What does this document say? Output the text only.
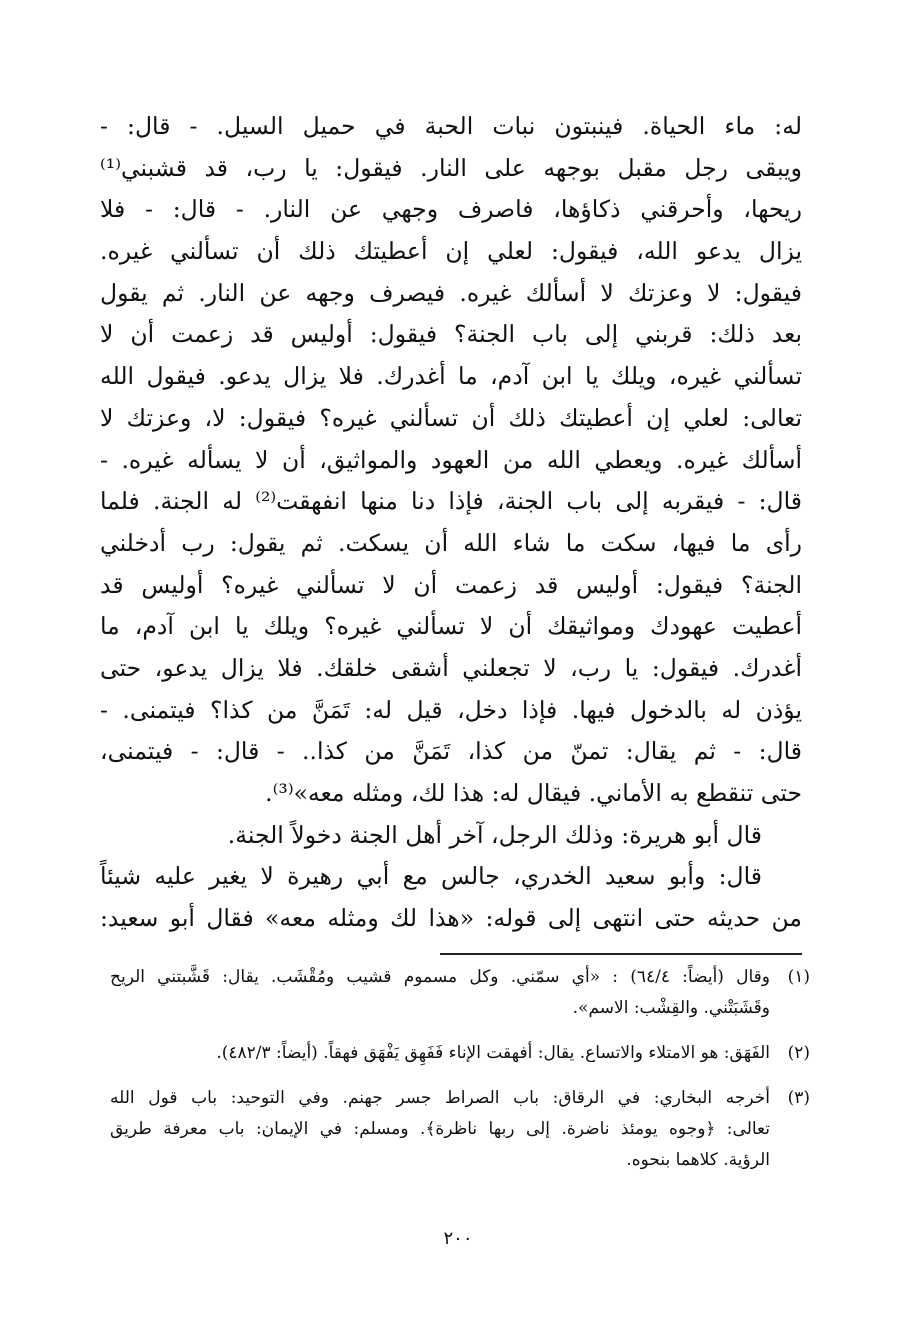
له: ماء الحياة. فينبتون نبات الحبة في حميل السيل. - قال: -
ويبقى رجل مقبل بوجهه على النار. فيقول: يا رب، قد قشبني⁽¹⁾
ريحها، وأحرقني ذكاؤها، فاصرف وجهي عن النار. - قال: - فلا
يزال يدعو الله، فيقول: لعلي إن أعطيتك ذلك أن تسألني غيره.
فيقول: لا وعزتك لا أسألك غيره. فيصرف وجهه عن النار. ثم يقول
بعد ذلك: قربني إلى باب الجنة؟ فيقول: أوليس قد زعمت أن لا
تسألني غيره، ويلك يا ابن آدم، ما أغدرك. فلا يزال يدعو. فيقول الله
تعالى: لعلي إن أعطيتك ذلك أن تسألني غيره؟ فيقول: لا، وعزتك لا
أسألك غيره. ويعطي الله من العهود والمواثيق، أن لا يسأله غيره. -
قال: - فيقربه إلى باب الجنة، فإذا دنا منها انفهقت⁽²⁾ له الجنة. فلما
رأى ما فيها، سكت ما شاء الله أن يسكت. ثم يقول: رب أدخلني
الجنة؟ فيقول: أوليس قد زعمت أن لا تسألني غيره؟ أوليس قد
أعطيت عهودك ومواثيقك أن لا تسألني غيره؟ ويلك يا ابن آدم، ما
أغدرك. فيقول: يا رب، لا تجعلني أشقى خلقك. فلا يزال يدعو، حتى
يؤذن له بالدخول فيها. فإذا دخل، قيل له: تَمَنَّ من كذا؟ فيتمنى. -
قال: - ثم يقال: تمنّ من كذا، تَمَنَّ من كذا.. - قال: - فيتمنى،
حتى تنقطع به الأماني. فيقال له: هذا لك، ومثله معه»⁽³⁾.
قال أبو هريرة: وذلك الرجل، آخر أهل الجنة دخولاً الجنة.
قال: وأبو سعيد الخدري، جالس مع أبي رهيرة لا يغير عليه شيئاً
من حديثه حتى انتهى إلى قوله: «هذا لك ومثله معه» فقال أبو سعيد:
(١)
وقال (أيضاً: ٦٤/٤) : «أي سمّني. وكل مسموم قشيب ومُقْشَب. يقال: قَشَّبتني الريح
وقَشَبَتْني. والقِشْب: الاسم».
(٢)
الفَهَق: هو الامتلاء والاتساع. يقال: أفهقت الإناء فَفَهِق يَفْهَق فهقاً. (أيضاً: ٤٨٢/٣).
(٣)
أخرجه البخاري: في الرقاق: باب الصراط جسر جهنم. وفي التوحيد: باب قول الله
تعالى: ﴿وجوه يومئذ ناضرة. إلى ربها ناظرة﴾. ومسلم: في الإيمان: باب معرفة طريق
الرؤية. كلاهما بنحوه.
٢٠٠
